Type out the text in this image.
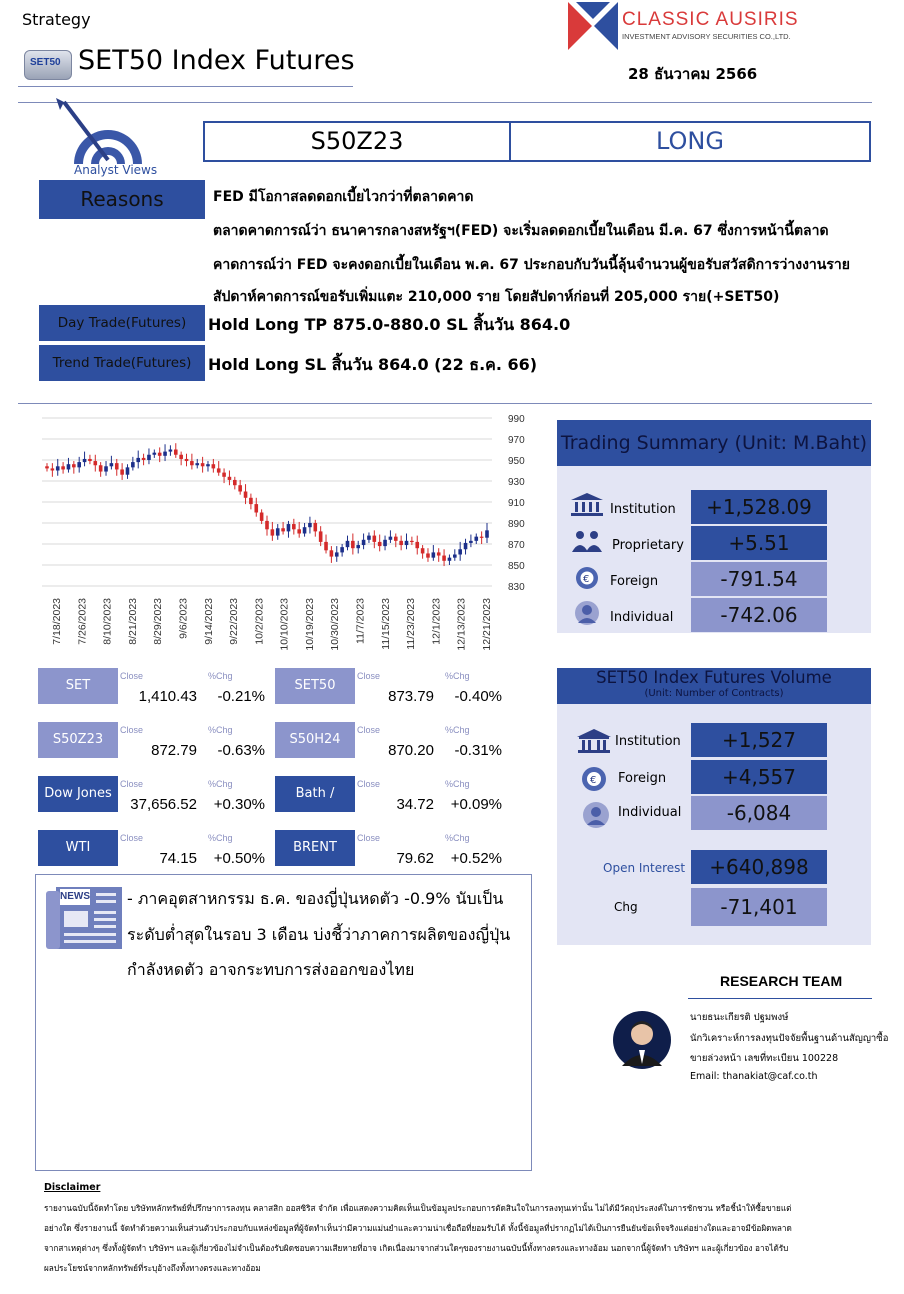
Strategy
SET50 SET50 Index Futures
CLASSIC AUSIRIS
INVESTMENT ADVISORY SECURITIES CO.,LTD.
28 ธันวาคม 2566
Analyst Views
S50Z23	LONG
Reasons	FED มีโอกาสลดดอกเบี้ยไวกว่าที่ตลาดคาด
ตลาดคาดการณ์ว่า ธนาคารกลางสหรัฐฯ(FED) จะเริ่มลดดอกเบี้ยในเดือน มี.ค. 67 ซึ่งการหน้านี้ตลาด
คาดการณ์ว่า FED จะคงดอกเบี้ยในเดือน พ.ค. 67 ประกอบกับวันนี้ลุ้นจำนวนผู้ขอรับสวัสดิการว่างงานราย
สัปดาห์คาดการณ์ขอรับเพิ่มแตะ 210,000 ราย โดยสัปดาห์ก่อนที่ 205,000 ราย(+SET50)
Day Trade(Futures)	Hold Long TP 875.0-880.0 SL สิ้นวัน 864.0
Trend Trade(Futures)	Hold Long SL สิ้นวัน 864.0 (22 ธ.ค. 66)
990
970
950
930
910
890
870
850
830
7/18/2023 7/26/2023 8/10/2023 8/21/2023 8/29/2023 9/6/2023 9/14/2023 9/22/2023 10/2/2023 10/10/2023 10/19/2023 10/30/2023 11/7/2023 11/15/2023 11/23/2023 12/1/2023 12/13/2023 12/21/2023
Trading Summary (Unit: M.Baht)
Institution	+1,528.09
Proprietary	+5.51
€ Foreign	-791.54
Individual	-742.06
SET50 Index Futures Volume
(Unit: Number of Contracts)
Institution	+1,527
€ Foreign	+4,557
Individual	-6,084
Open Interest	+640,898
Chg	-71,401
SET
Close	%Chg
1,410.43	-0.21%
SET50
Close	%Chg
873.79	-0.40%
S50Z23
Close	%Chg
872.79	-0.63%
S50H24
Close	%Chg
870.20	-0.31%
Dow Jones
Close	%Chg
37,656.52	+0.30%
Bath /
Close	%Chg
34.72	+0.09%
WTI
Close	%Chg
74.15	+0.50%
BRENT
Close	%Chg
79.62	+0.52%
NEWS - ภาคอุตสาหกรรม ธ.ค. ของญี่ปุ่นหดตัว -0.9% นับเป็น
ระดับต่ำสุดในรอบ 3 เดือน บ่งชี้ว่าภาคการผลิตของญี่ปุ่น
กำลังหดตัว อาจกระทบการส่งออกของไทย
RESEARCH TEAM
นายธนะเกียรติ ปฐมพงษ์
นักวิเคราะห์การลงทุนปัจจัยพื้นฐานด้านสัญญาซื้อ
ขายล่วงหน้า เลขที่ทะเบียน 100228
Email: thanakiat@caf.co.th
Disclaimer
รายงานฉบับนี้จัดทำโดย บริษัทหลักทรัพย์ที่ปรึกษาการลงทุน คลาสสิก ออสซิริส จำกัด เพื่อแสดงความคิดเห็นเป็นข้อมูลประกอบการตัดสินใจในการลงทุนเท่านั้น ไม่ได้มีวัตถุประสงค์ในการชักชวน หรือชี้นำให้ซื้อขายแต่
อย่างใด ซึ่งรายงานนี้ จัดทำด้วยความเห็นส่วนตัวประกอบกับแหล่งข้อมูลที่ผู้จัดทำเห็นว่ามีความแม่นยำและความน่าเชื่อถือที่ยอมรับได้ ทั้งนี้ข้อมูลที่ปรากฏไม่ได้เป็นการยืนยันข้อเท็จจริงแต่อย่างใดและอาจมีข้อผิดพลาด
จากสาเหตุต่างๆ ซึ่งทั้งผู้จัดทำ บริษัทฯ และผู้เกี่ยวข้องไม่จำเป็นต้องรับผิดชอบความเสียหายที่อาจ เกิดเนื่องมาจากส่วนใดๆของรายงานฉบับนี้ทั้งทางตรงและทางอ้อม นอกจากนี้ผู้จัดทำ บริษัทฯ และผู้เกี่ยวข้อง อาจได้รับ
ผลประโยชน์จากหลักทรัพย์ที่ระบุอ้างถึงทั้งทางตรงและทางอ้อม
